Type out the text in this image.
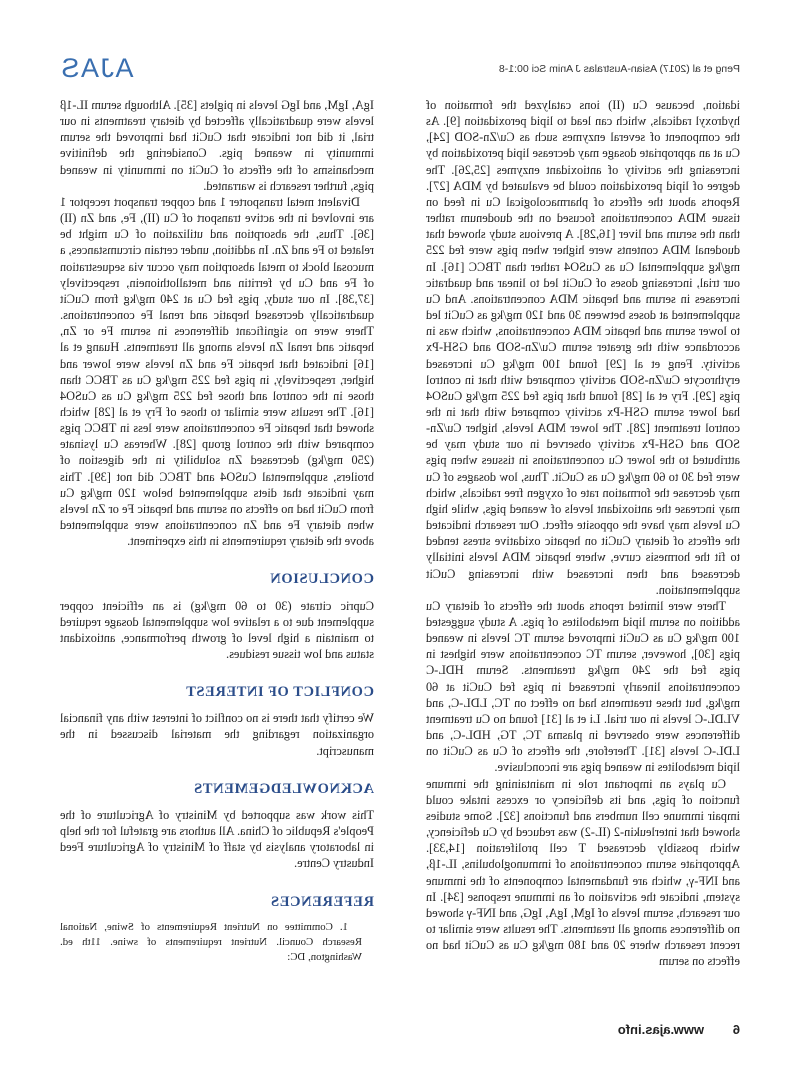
Peng et al (2017) Asian-Australas J Anim Sci 00:1-8
AJAS

idation, because Cu (II) ions catalyzed the formation of hydroxyl radicals, which can lead to lipid peroxidation [9]. As the component of several enzymes such as Cu/Zn-SOD [24], Cu at an appropriate dosage may decrease lipid peroxidation by increasing the activity of antioxidant enzymes [25,26]. The degree of lipid peroxidation could be evaluated by MDA [27]. Reports about the effects of pharmacological Cu in feed on tissue MDA concentrations focused on the duodenum rather than the serum and liver [16,28]. A previous study showed that duodenal MDA contents were higher when pigs were fed 225 mg/kg supplemental Cu as CuSO4 rather than TBCC [16]. In our trial, increasing doses of CuCit led to linear and quadratic increases in serum and hepatic MDA concentrations. And Cu supplemented at doses between 30 and 120 mg/kg as CuCit led to lower serum and hepatic MDA concentrations, which was in accordance with the greater serum Cu/Zn-SOD and GSH-Px activity. Feng et al [29] found 100 mg/kg Cu increased erythrocyte Cu/Zn-SOD activity compared with that in control pigs [29]. Fry et al [28] found that pigs fed 225 mg/kg CuSO4 had lower serum GSH-Px activity compared with that in the control treatment [28]. The lower MDA levels, higher Cu/Zn-SOD and GSH-Px activity observed in our study may be attributed to the lower Cu concentrations in tissues when pigs were fed 30 to 60 mg/kg Cu as CuCit. Thus, low dosages of Cu may decrease the formation rate of oxygen free radicals, which may increase the antioxidant levels of weaned pigs, while high Cu levels may have the opposite effect. Our research indicated the effects of dietary CuCit on hepatic oxidative stress tended to fit the hormesis curve, where hepatic MDA levels initially decreased and then increased with increasing CuCit supplementation.

There were limited reports about the effects of dietary Cu addition on serum lipid metabolites of pigs. A study suggested 100 mg/kg Cu as CuCit improved serum TC levels in weaned pigs [30], however, serum TC concentrations were highest in pigs fed the 240 mg/kg treatments. Serum HDL-C concentrations linearly increased in pigs fed CuCit at 60 mg/kg, but these treatments had no effect on TC, LDL-C, and VLDL-C levels in our trial. Li et al [31] found no Cu treatment differences were observed in plasma TC, TG, HDL-C, and LDL-C levels [31]. Therefore, the effects of Cu as CuCit on lipid metabolites in weaned pigs are inconclusive.

Cu plays an important role in maintaining the immune function of pigs, and its deficiency or excess intake could impair immune cell numbers and functions [32]. Some studies showed that interleukin-2 (IL-2) was reduced by Cu deficiency, which possibly decreased T cell proliferation [14,33]. Appropriate serum concentrations of immunoglobulins, IL-1β, and INF-γ, which are fundamental components of the immune system, indicate the activation of an immune response [34]. In our research, serum levels of IgM, IgA, IgG, and INF-γ showed no differences among all treatments. The results were similar to recent research where 20 and 180 mg/kg Cu as CuCit had no effects on serum

IgA, IgM, and IgG levels in piglets [35]. Although serum IL-1β levels were quadratically affected by dietary treatments in our trial, it did not indicate that CuCit had improved the serum immunity in weaned pigs. Considering the definitive mechanisms of the effects of CuCit on immunity in weaned pigs, further research is warranted.

Divalent metal transporter 1 and copper transport receptor 1 are involved in the active transport of Cu (II), Fe, and Zn (II) [36]. Thus, the absorption and utilization of Cu might be related to Fe and Zn. In addition, under certain circumstances, a mucosal block to metal absorption may occur via sequestration of Fe and Cu by ferritin and metallothionein, respectively [37,38]. In our study, pigs fed Cu at 240 mg/kg from CuCit quadratically decreased hepatic and renal Fe concentrations. There were no significant differences in serum Fe or Zn, hepatic and renal Zn levels among all treatments. Huang et al [16] indicated that hepatic Fe and Zn levels were lower and higher, respectively, in pigs fed 225 mg/kg Cu as TBCC than those in the control and those fed 225 mg/kg Cu as CuSO4 [16]. The results were similar to those of Fry et al [28] which showed that hepatic Fe concentrations were less in TBCC pigs compared with the control group [28]. Whereas Cu lysinate (250 mg/kg) decreased Zn solubility in the digestion of broilers, supplemental CuSO4 and TBCC did not [39]. This may indicate that diets supplemented below 120 mg/kg Cu from CuCit had no effects on serum and hepatic Fe or Zn levels when dietary Fe and Zn concentrations were supplemented above the dietary requirements in this experiment.

CONCLUSION

Cupric citrate (30 to 60 mg/kg) is an efficient copper supplement due to a relative low supplemental dosage required to maintain a high level of growth performance, antioxidant status and low tissue residues.

CONFLICT OF INTEREST

We certify that there is no conflict of interest with any financial organization regarding the material discussed in the manuscript.

ACKNOWLEDGEMENTS

This work was supported by Ministry of Agriculture of the People's Republic of China. All authors are grateful for the help in laboratory analysis by staff of Ministry of Agriculture Feed Industry Centre.

REFERENCES

1. Committee on Nutrient Requirements of Swine, National Research Council. Nutrient requirements of swine. 11th ed. Washington, DC:

6
www.ajas.info
